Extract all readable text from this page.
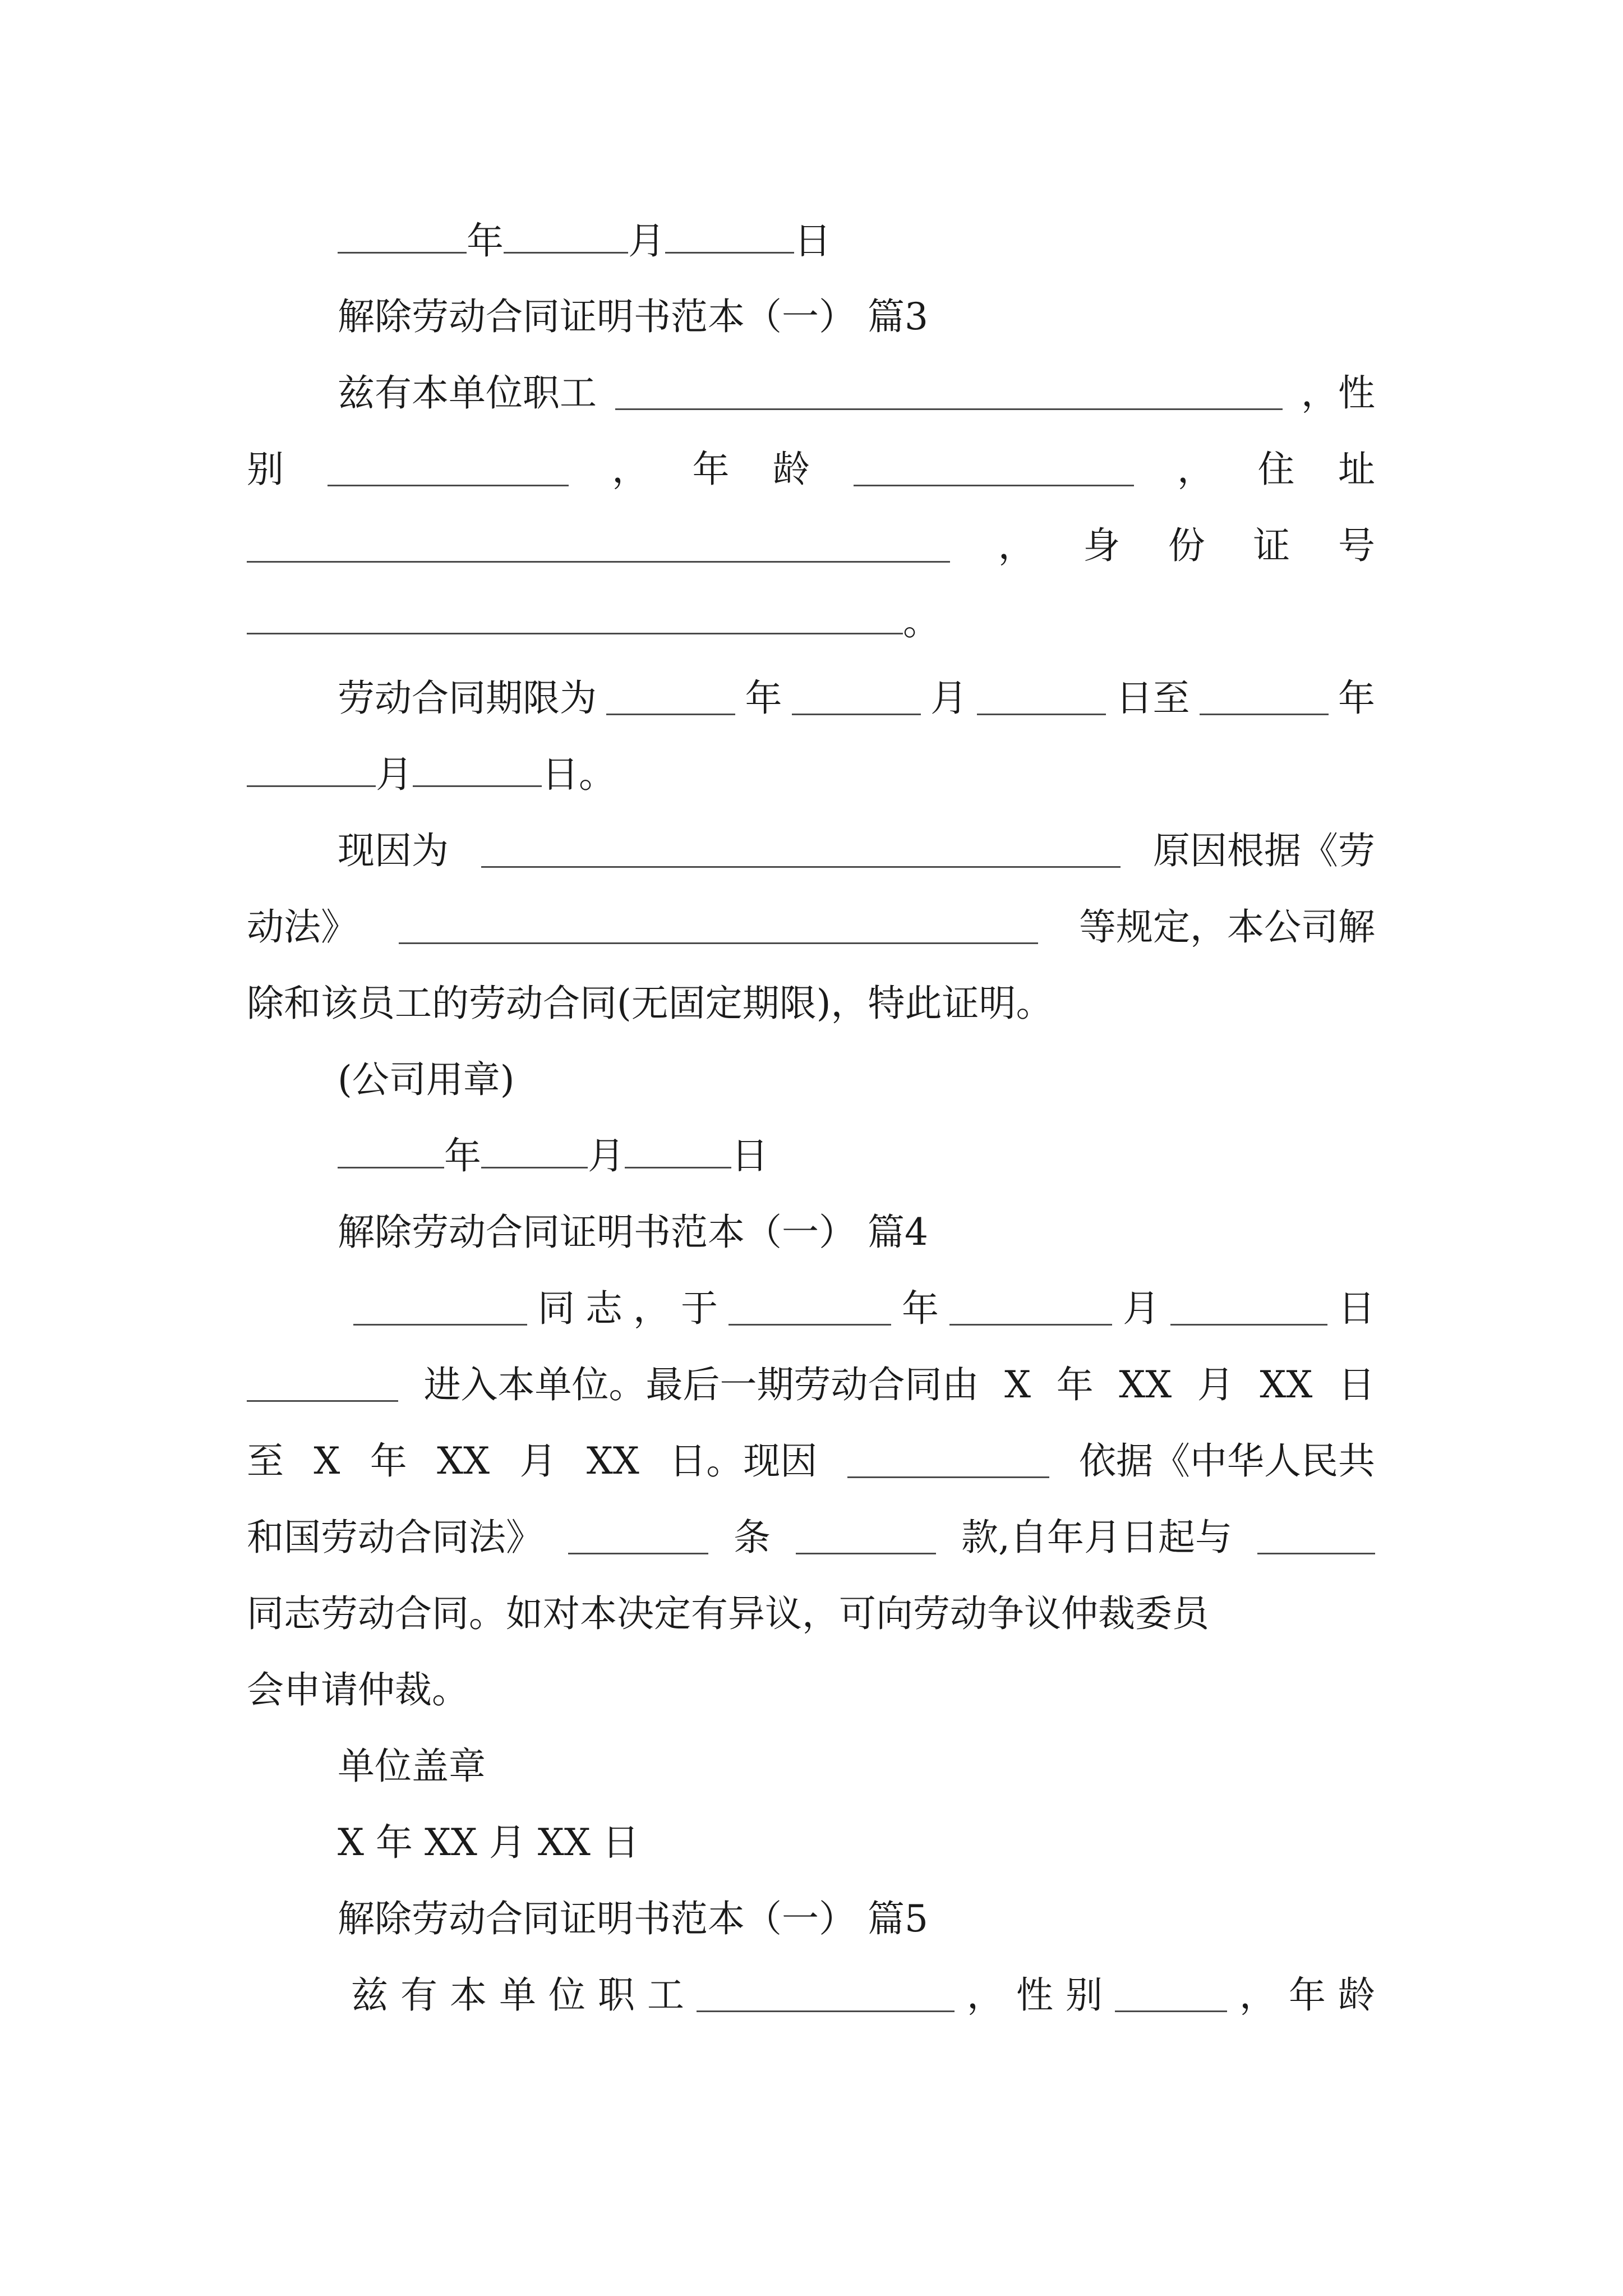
年	月	日
解除劳动合同证明书范本（一） 篇3
兹有本单位职工	，性
别	， 年 龄	， 住 址
， 身 份 证 号
。
劳动合同期限为	年	月	日至	年
月	日。
现因为	原因根据《劳
动法》	等规定，本公司解
除和该员工的劳动合同(无固定期限)，特此证明。
(公司用章)
年	月	日
解除劳动合同证明书范本（一） 篇4
同 志 ， 于	年	月	日
进入本单位。最后一期劳动合同由 X 年 XX 月 XX 日
至 X 年 XX 月 XX 日。现因	依据《中华人民共
和国劳动合同法》	条	款,自年月日起与
同志劳动合同。如对本决定有异议，可向劳动争议仲裁委员
会申请仲裁。
单位盖章
X 年 XX 月 XX 日
解除劳动合同证明书范本（一） 篇5
兹 有 本 单 位 职 工	， 性 别	， 年 龄
